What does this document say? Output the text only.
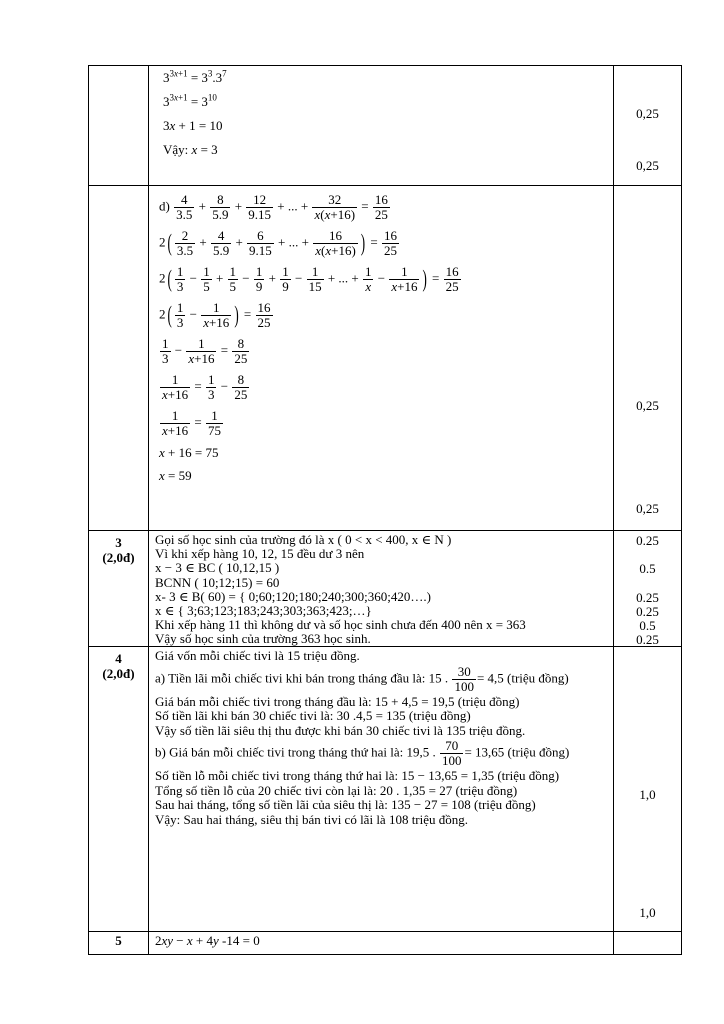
$3^{3x+1} = 3^3.3^7$
$3^{3x+1} = 3^{10}$
3x + 1 = 10
Vậy: x = 3
0,25
0,25
$d) \frac{4}{3.5} + \frac{8}{5.9} + \frac{12}{9.15}$ + ... + $\frac{32}{x(x+16)} = \frac{16}{25}$
2 ( $\frac{2}{3.5} + \frac{4}{5.9} + \frac{6}{9.15}$ + ... + $\frac{16}{x(x+16)}$ ) = $\frac{16}{25}$
2 ( $\frac{1}{3} - \frac{1}{5} + \frac{1}{5} - \frac{1}{9} + \frac{1}{9} - \frac{1}{15}$ + ... + $\frac{1}{x} - \frac{1}{x+16}$ ) = $\frac{16}{25}$
2 ( $\frac{1}{3} - \frac{1}{x+16}$ ) = $\frac{16}{25}$
$\frac{1}{3} - \frac{1}{x+16} = \frac{8}{25}$
$\frac{1}{x+16} = \frac{1}{3} - \frac{8}{25}$
$\frac{1}{x+16} = \frac{1}{75}$
x + 16 = 75
x = 59
0,25
0,25
3
(2,0đ)
Gọi số học sinh của trường đó là x ( 0 < x < 400, x ∈ N )
Vì khi xếp hàng 10, 12, 15 đều dư 3 nên
x − 3 ∈ BC ( 10,12,15 )
BCNN ( 10;12;15) = 60
x- 3 ∈ B( 60) = { 0;60;120;180;240;300;360;420….)
x ∈ { 3;63;123;183;243;303;363;423;…}
Khi xếp hàng 11 thì không dư và số học sinh chưa đến 400 nên x = 363
Vậy số học sinh của trường 363 học sinh.
0.25
0.5
0.25
0.25
0.5
0.25
4
(2,0đ)
Giá vốn mỗi chiếc tivi là 15 triệu đồng.
a) Tiền lãi mỗi chiếc tivi khi bán trong tháng đầu là: 15 . $\frac{30}{100} = 4,5$ (triệu đồng)
Giá bán mỗi chiếc tivi trong tháng đầu là: 15 + 4,5 = 19,5 (triệu đồng)
Số tiền lãi khi bán 30 chiếc tivi là: 30 .4,5 = 135 (triệu đồng)
Vậy số tiền lãi siêu thị thu được khi bán 30 chiếc tivi là 135 triệu đồng.
b) Giá bán mỗi chiếc tivi trong tháng thứ hai là: 19,5 . $\frac{70}{100} = 13,65$ (triệu đồng)
Số tiền lỗ mỗi chiếc tivi trong tháng thứ hai là: 15 − 13,65 = 1,35 (triệu đồng)
Tổng số tiền lỗ của 20 chiếc tivi còn lại là: 20 . 1,35 = 27 (triệu đồng)
Sau hai tháng, tổng số tiền lãi của siêu thị là: 135 − 27 = 108 (triệu đồng)
Vậy: Sau hai tháng, siêu thị bán tivi có lãi là 108 triệu đồng.
1,0
1,0
5	2xy − x + 4y -14 = 0
